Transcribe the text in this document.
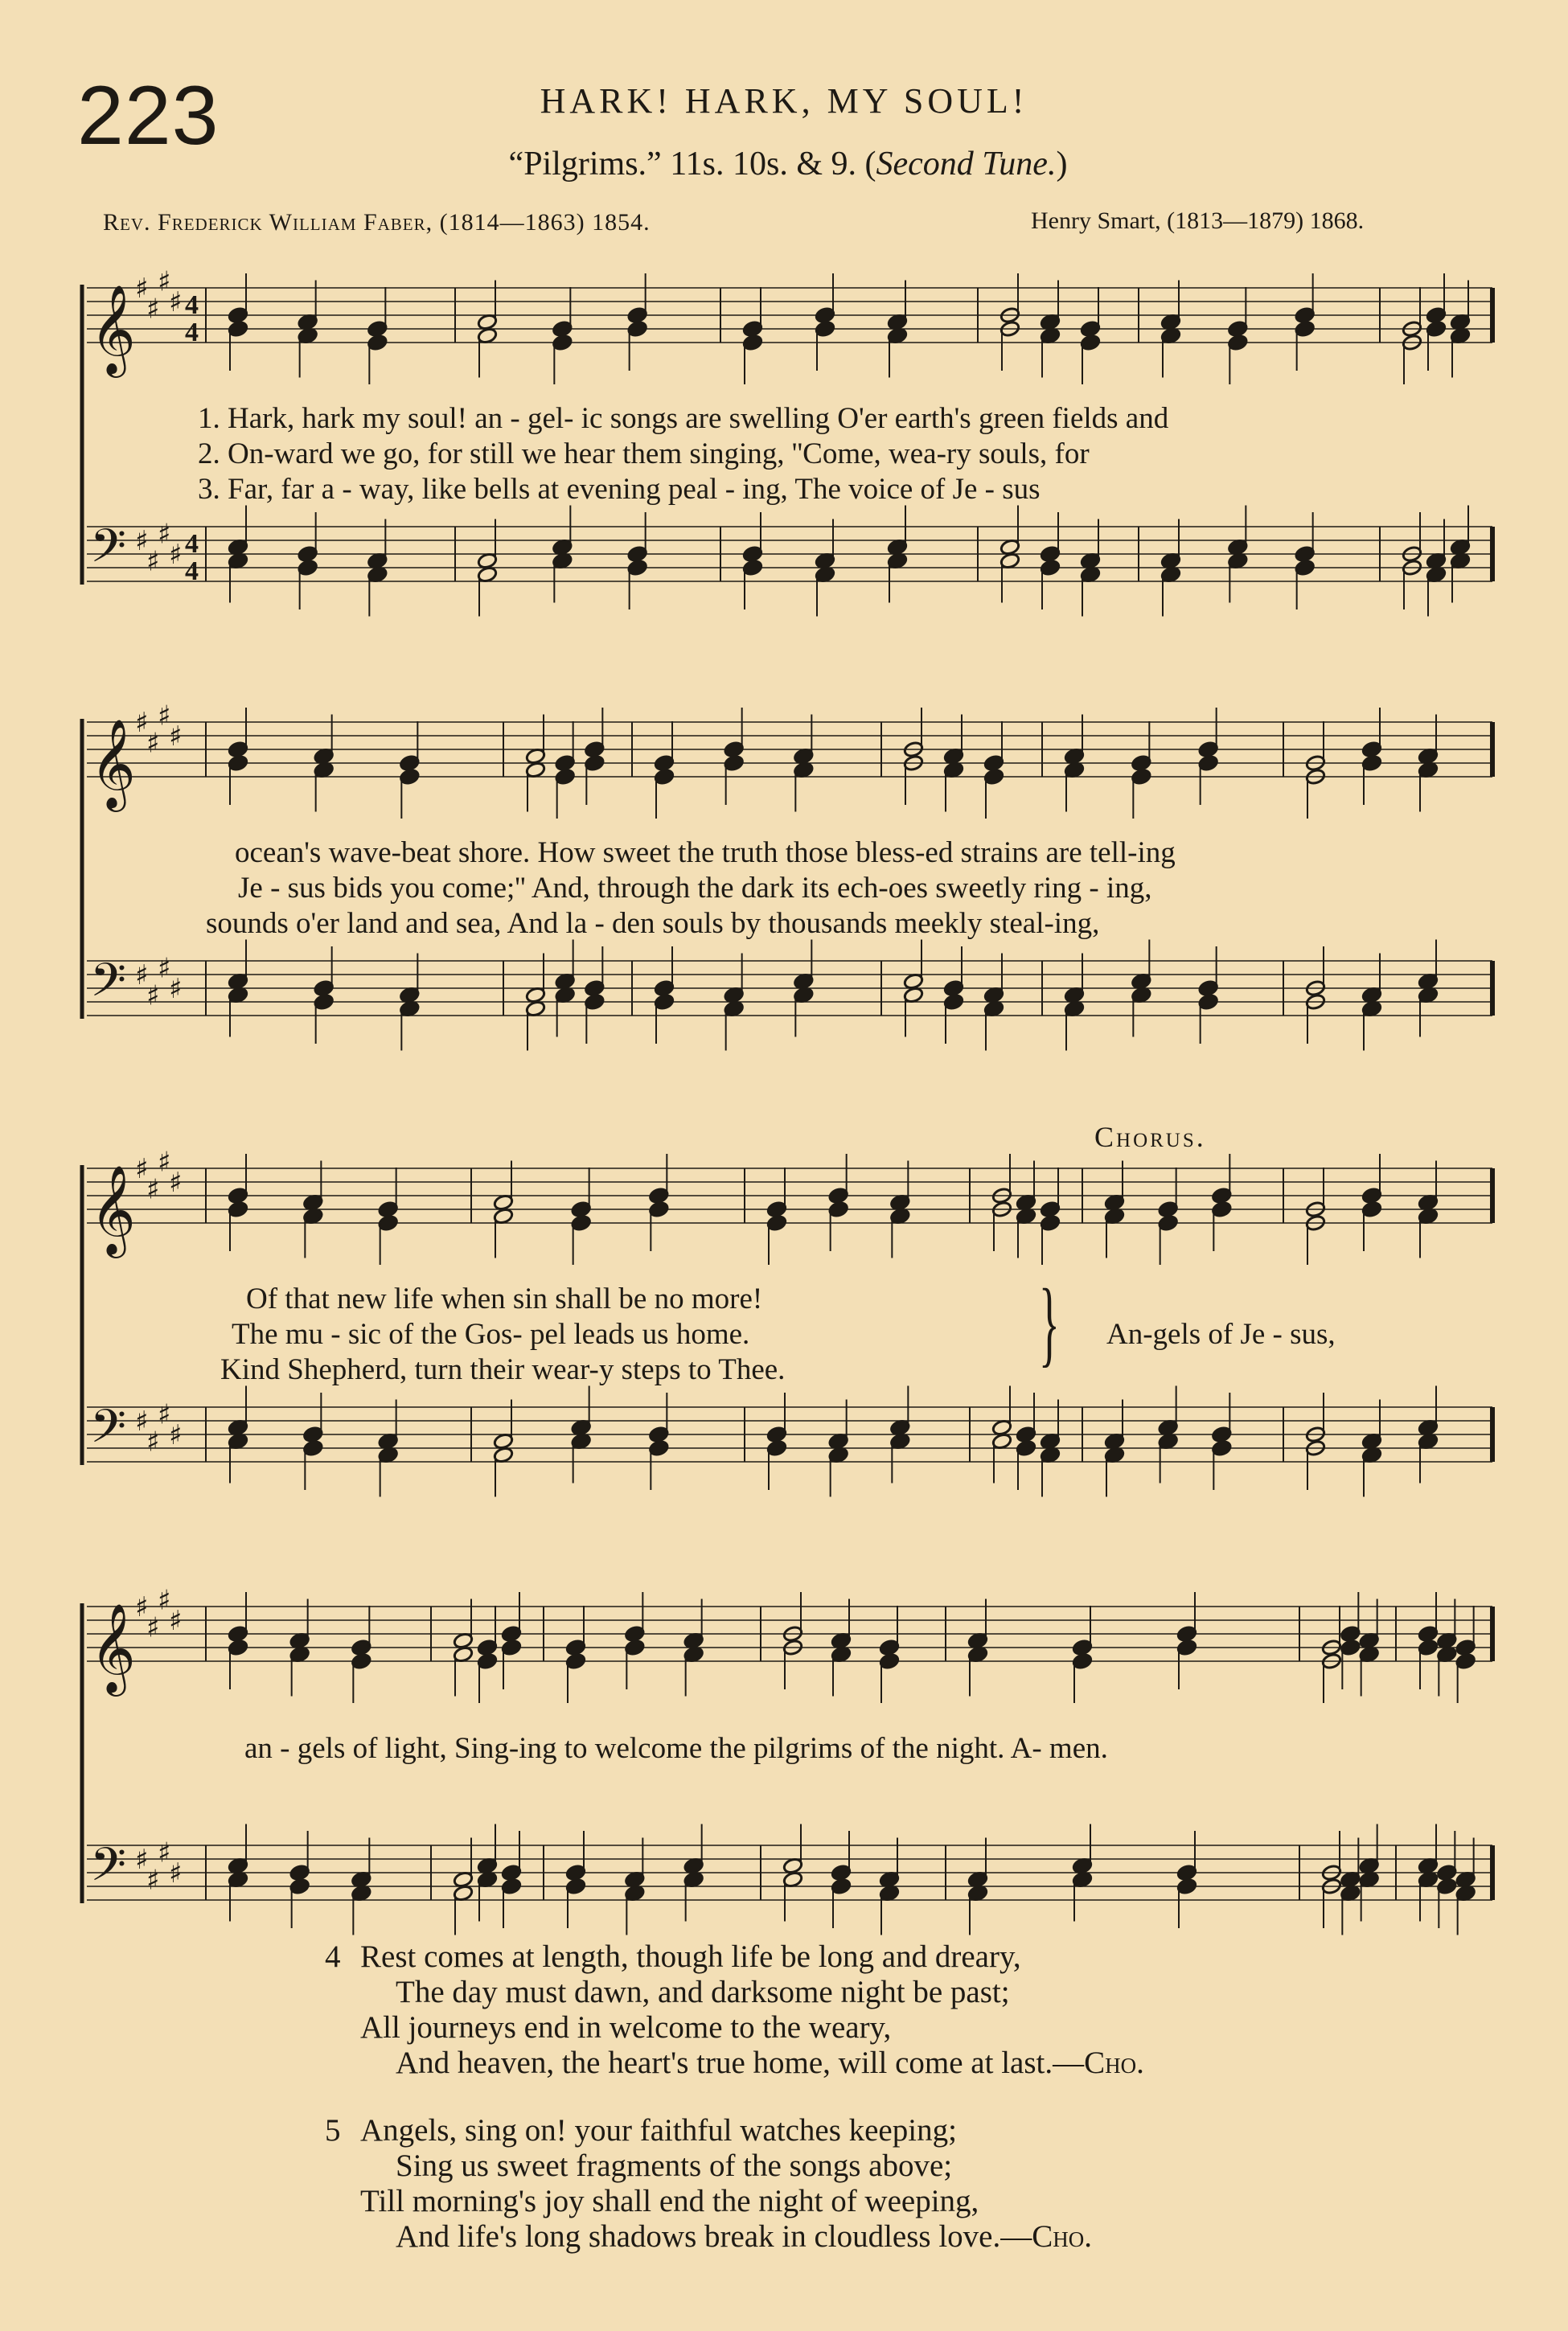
223	HARK! HARK, MY SOUL!
“Pilgrims.” 11s. 10s. & 9. (Second Tune.)
Rev. Frederick William Faber, (1814—1863) 1854.	Henry Smart, (1813—1879) 1868.
𝄞 ♯
♯
♯
♯ 4
4
𝄢 ♯
♯
♯
♯ 4
4
1. Hark, hark my soul! an - gel- ic songs are swelling O'er earth's green fields and
2. On-ward we go, for still we hear them singing, ''Come, wea-ry souls, for
3. Far, far a - way, like bells at evening peal - ing, The voice of Je - sus
𝄞 ♯
♯
♯
♯
𝄢 ♯
♯
♯
♯
ocean's wave-beat shore. How sweet the truth those bless-ed strains are tell-ing
Je - sus bids you come;'' And, through the dark its ech-oes sweetly ring - ing,
sounds o'er land and sea, And la - den souls by thousands meekly steal-ing,
𝄞 ♯
♯
♯
♯
𝄢 ♯
♯
♯
♯
Chorus.
Of that new life when sin shall be no more!
The mu - sic of the Gos- pel leads us home.
Kind Shepherd, turn their wear-y steps to Thee.	} An-gels of Je - sus,
𝄞 ♯
♯
♯
♯
𝄢 ♯
♯
♯
♯
an - gels of light, Sing-ing to welcome the pilgrims of the night. A- men.
4 Rest comes at length, though life be long and dreary,
The day must dawn, and darksome night be past;
All journeys end in welcome to the weary,
And heaven, the heart's true home, will come at last.—Cho.
5 Angels, sing on! your faithful watches keeping;
Sing us sweet fragments of the songs above;
Till morning's joy shall end the night of weeping,
And life's long shadows break in cloudless love.—Cho.
